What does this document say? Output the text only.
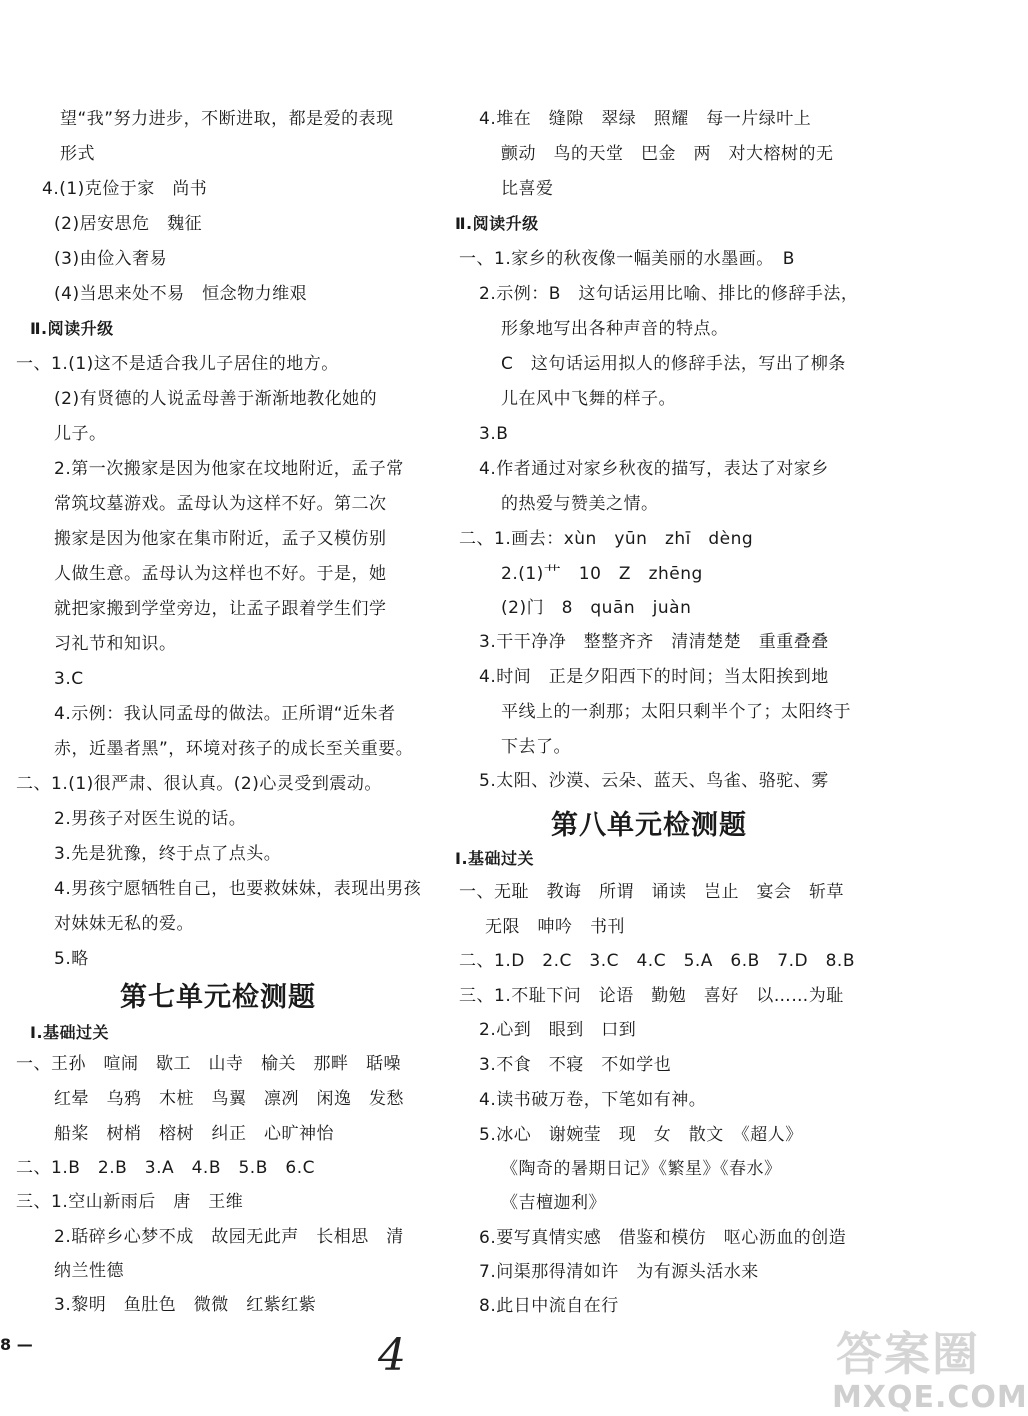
望“我”努力进步，不断进取，都是爱的表现
形式
4.(1)克俭于家　尚书
(2)居安思危　魏征
(3)由俭入奢易
(4)当思来处不易　恒念物力维艰
Ⅱ.阅读升级
一、1.(1)这不是适合我儿子居住的地方。
(2)有贤德的人说孟母善于渐渐地教化她的
儿子。
2.第一次搬家是因为他家在坟地附近，孟子常
常筑坟墓游戏。孟母认为这样不好。第二次
搬家是因为他家在集市附近，孟子又模仿别
人做生意。孟母认为这样也不好。于是，她
就把家搬到学堂旁边，让孟子跟着学生们学
习礼节和知识。
3.C
4.示例：我认同孟母的做法。正所谓“近朱者
赤，近墨者黑”，环境对孩子的成长至关重要。
二、1.(1)很严肃、很认真。(2)心灵受到震动。
2.男孩子对医生说的话。
3.先是犹豫，终于点了点头。
4.男孩宁愿牺牲自己，也要救妹妹，表现出男孩
对妹妹无私的爱。
5.略
第七单元检测题
Ⅰ.基础过关
一、王孙　喧闹　歇工　山寺　榆关　那畔　聒噪
红晕　乌鸦　木桩　鸟翼　凛冽　闲逸　发愁
船桨　树梢　榕树　纠正　心旷神怡
二、1.B　2.B　3.A　4.B　5.B　6.C
三、1.空山新雨后　唐　王维
2.聒碎乡心梦不成　故园无此声　长相思　清
纳兰性德
3.黎明　鱼肚色　微微　红紫红紫
4.堆在　缝隙　翠绿　照耀　每一片绿叶上
颤动　鸟的天堂　巴金　两　对大榕树的无
比喜爱
Ⅱ.阅读升级
一、1.家乡的秋夜像一幅美丽的水墨画。　B
2.示例：B　这句话运用比喻、排比的修辞手法，
形象地写出各种声音的特点。
C　这句话运用拟人的修辞手法，写出了柳条
儿在风中飞舞的样子。
3.B
4.作者通过对家乡秋夜的描写，表达了对家乡
的热爱与赞美之情。
二、1.画去：xùn　yūn　zhī　dèng
2.(1)艹　10　Z　zhēng
(2)门　8　quān　juàn
3.干干净净　整整齐齐　清清楚楚　重重叠叠
4.时间　正是夕阳西下的时间；当太阳挨到地
平线上的一刹那；太阳只剩半个了；太阳终于
下去了。
5.太阳、沙漠、云朵、蓝天、鸟雀、骆驼、雾
第八单元检测题
Ⅰ.基础过关
一、无耻　教诲　所谓　诵读　岂止　宴会　斩草
无限　呻吟　书刊
二、1.D　2.C　3.C　4.C　5.A　6.B　7.D　8.B
三、1.不耻下问　论语　勤勉　喜好　以……为耻
2.心到　眼到　口到
3.不食　不寝　不如学也
4.读书破万卷，下笔如有神。
5.冰心　谢婉莹　现　女　散文　《超人》
《陶奇的暑期日记》《繁星》《春水》
《吉檀迦利》
6.要写真情实感　借鉴和模仿　呕心沥血的创造
7.问渠那得清如许　为有源头活水来
8.此日中流自在行
8 —	4	答案圈
MXQE.COM
